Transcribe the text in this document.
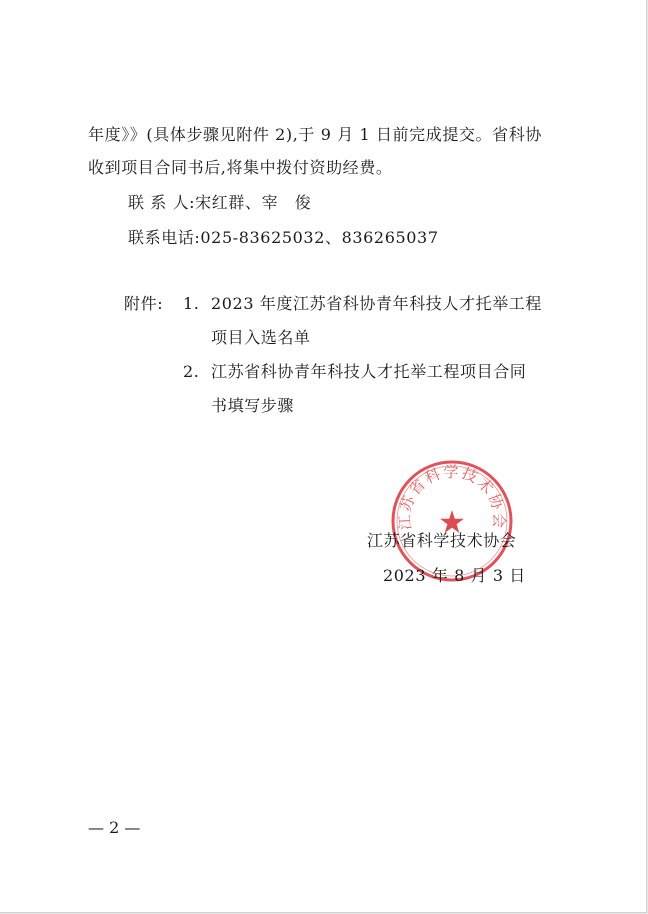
年度》》(具体步骤见附件 2),于 9 月 1 日前完成提交。省科协
收到项目合同书后,将集中拨付资助经费。
联 系 人:宋红群、宰　俊
联系电话:025-83625032、836265037
附件: 1. 2023 年度江苏省科协青年科技人才托举工程
项目入选名单
2. 江苏省科协青年科技人才托举工程项目合同
书填写步骤
江苏省科学技术协会
江苏省科学技术协会
2023 年 8 月 3 日
— 2 —
